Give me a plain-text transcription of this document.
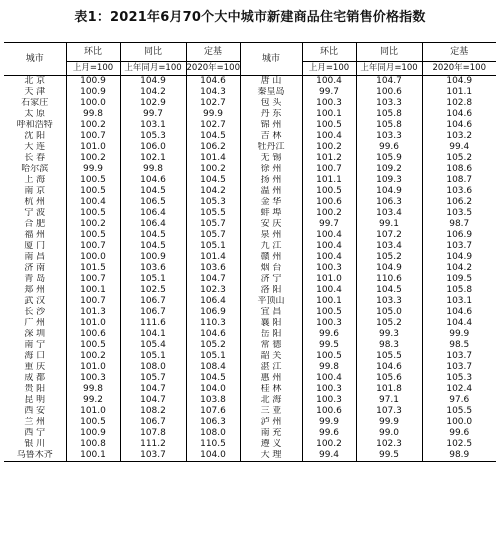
表1：2021年6月70个大中城市新建商品住宅销售价格指数
城市	环比	同比	定基	城市	环比	同比	定基
	上月=100	上年同月=100	2020年=100		上月=100	上年同月=100	2020年=100
北 京	100.9	104.9	104.6	唐 山	100.4	104.7	104.9
天 津	100.9	104.2	104.3	秦皇岛	99.7	100.6	101.1
石家庄	100.0	102.9	102.7	包 头	100.3	103.3	102.8
太 原	99.8	99.7	99.9	丹 东	100.1	105.8	104.6
呼和浩特	100.2	103.1	102.7	锦 州	100.5	105.8	104.6
沈 阳	100.7	105.3	104.5	吉 林	100.4	103.3	103.2
大 连	101.0	106.0	106.2	牡丹江	100.2	99.6	99.4
长 春	100.2	102.1	101.4	无 锡	101.2	105.9	105.2
哈尔滨	99.9	99.8	100.2	徐 州	100.7	109.2	108.6
上 海	100.5	104.6	104.5	扬 州	101.1	109.3	108.7
南 京	100.5	104.5	104.2	温 州	100.5	104.9	103.6
杭 州	100.4	106.5	105.3	金 华	100.6	106.3	106.2
宁 波	100.5	106.4	105.5	蚌 埠	100.2	103.4	103.5
合 肥	100.2	106.4	105.7	安 庆	99.7	99.1	98.7
福 州	100.5	104.5	105.7	泉 州	100.4	107.2	106.9
厦 门	100.7	104.5	105.1	九 江	100.4	103.4	103.7
南 昌	100.0	100.9	101.4	赣 州	100.4	105.2	104.9
济 南	101.5	103.6	103.6	烟 台	100.3	104.9	104.2
青 岛	100.7	105.1	104.7	济 宁	101.0	110.6	109.5
郑 州	100.1	102.5	102.3	洛 阳	100.4	104.5	105.8
武 汉	100.7	106.7	106.4	平顶山	100.1	103.3	103.1
长 沙	101.3	106.7	106.9	宜 昌	100.5	105.0	104.6
广 州	101.0	111.6	110.3	襄 阳	100.3	105.2	104.4
深 圳	100.6	104.1	104.6	岳 阳	99.6	99.3	99.9
南 宁	100.5	105.4	105.2	常 德	99.5	98.3	98.5
海 口	100.2	105.1	105.1	韶 关	100.5	105.5	103.7
重 庆	101.0	108.0	108.4	湛 江	99.8	104.6	103.7
成 都	100.3	105.7	104.5	惠 州	100.4	105.6	105.3
贵 阳	99.8	104.7	104.0	桂 林	100.3	101.8	102.4
昆 明	99.2	104.7	103.8	北 海	100.3	97.1	97.6
西 安	101.0	108.2	107.6	三 亚	100.6	107.3	105.5
兰 州	100.5	106.7	106.3	泸 州	99.9	99.9	100.0
西 宁	100.9	107.8	108.0	南 充	99.6	99.0	99.6
银 川	100.8	111.2	110.5	遵 义	100.2	102.3	102.5
乌鲁木齐	100.1	103.7	104.0	大 理	99.4	99.5	98.9
